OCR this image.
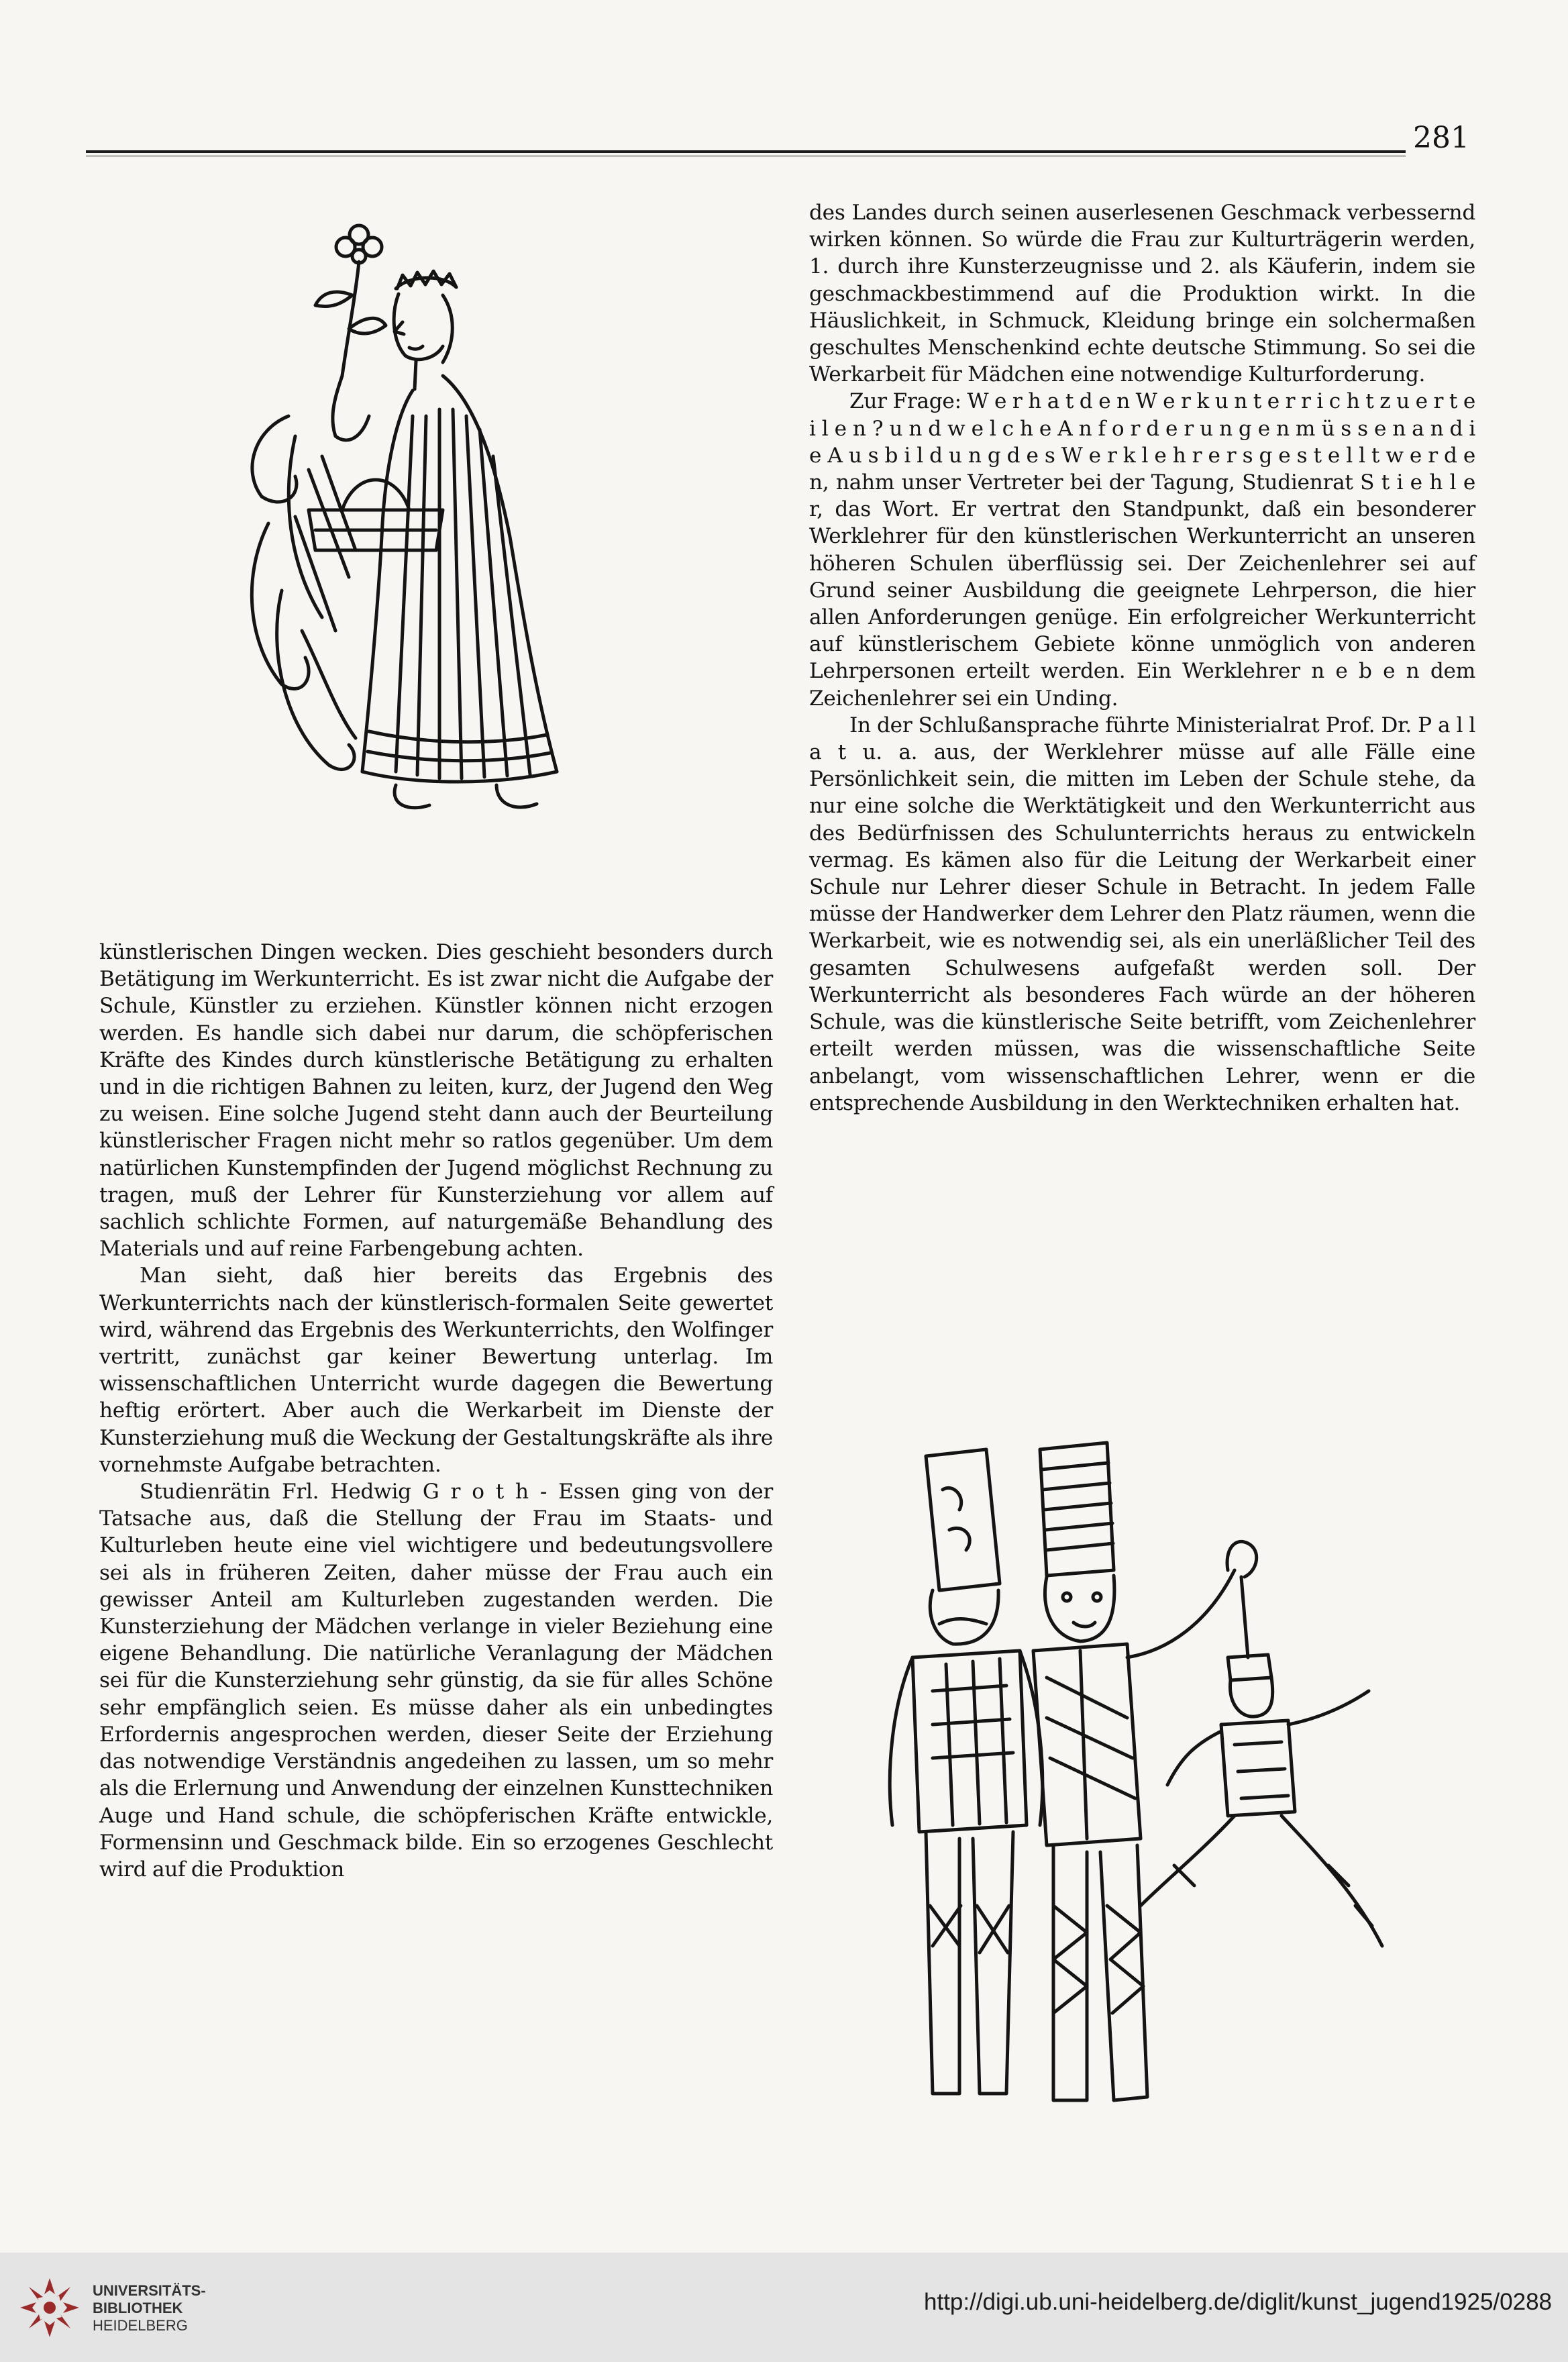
281

künstlerischen Dingen wecken. Dies geschieht besonders durch Betätigung im Werkunterricht. Es ist zwar nicht die Aufgabe der Schule, Künstler zu erziehen. Künstler können nicht erzogen werden. Es handle sich dabei nur darum, die schöpferischen Kräfte des Kindes durch künstlerische Betätigung zu erhalten und in die richtigen Bahnen zu leiten, kurz, der Jugend den Weg zu weisen. Eine solche Jugend steht dann auch der Beurteilung künstlerischer Fragen nicht mehr so ratlos gegenüber. Um dem natürlichen Kunstempfinden der Jugend möglichst Rechnung zu tragen, muß der Lehrer für Kunsterziehung vor allem auf sachlich schlichte Formen, auf naturgemäße Behandlung des Materials und auf reine Farbengebung achten.

Man sieht, daß hier bereits das Ergebnis des Werkunterrichts nach der künstlerisch-formalen Seite gewertet wird, während das Ergebnis des Werkunterrichts, den Wolfinger vertritt, zunächst gar keiner Bewertung unterlag. Im wissenschaftlichen Unterricht wurde dagegen die Bewertung heftig erörtert. Aber auch die Werkarbeit im Dienste der Kunsterziehung muß die Weckung der Gestaltungskräfte als ihre vornehmste Aufgabe betrachten.

Studienrätin Frl. Hedwig G r o t h - Essen ging von der Tatsache aus, daß die Stellung der Frau im Staats- und Kulturleben heute eine viel wichtigere und bedeutungsvollere sei als in früheren Zeiten, daher müsse der Frau auch ein gewisser Anteil am Kulturleben zugestanden werden. Die Kunsterziehung der Mädchen verlange in vieler Beziehung eine eigene Behandlung. Die natürliche Veranlagung der Mädchen sei für die Kunsterziehung sehr günstig, da sie für alles Schöne sehr empfänglich seien. Es müsse daher als ein unbedingtes Erfordernis angesprochen werden, dieser Seite der Erziehung das notwendige Verständnis angedeihen zu lassen, um so mehr als die Erlernung und Anwendung der einzelnen Kunsttechniken Auge und Hand schule, die schöpferischen Kräfte entwickle, Formensinn und Geschmack bilde. Ein so erzogenes Geschlecht wird auf die Produktion

des Landes durch seinen auserlesenen Geschmack verbessernd wirken können. So würde die Frau zur Kulturträgerin werden, 1. durch ihre Kunsterzeugnisse und 2. als Käuferin, indem sie geschmackbestimmend auf die Produktion wirkt. In die Häuslichkeit, in Schmuck, Kleidung bringe ein solchermaßen geschultes Menschenkind echte deutsche Stimmung. So sei die Werkarbeit für Mädchen eine notwendige Kulturforderung.

Zur Frage: W e r h a t d e n W e r k u n t e r r i c h t z u e r t e i l e n ? u n d w e l c h e A n f o r d e r u n g e n m ü s s e n a n d i e A u s b i l d u n g d e s W e r k l e h r e r s g e s t e l l t w e r d e n, nahm unser Vertreter bei der Tagung, Studienrat S t i e h l e r, das Wort. Er vertrat den Standpunkt, daß ein besonderer Werklehrer für den künstlerischen Werkunterricht an unseren höheren Schulen überflüssig sei. Der Zeichenlehrer sei auf Grund seiner Ausbildung die geeignete Lehrperson, die hier allen Anforderungen genüge. Ein erfolgreicher Werkunterricht auf künstlerischem Gebiete könne unmöglich von anderen Lehrpersonen erteilt werden. Ein Werklehrer n e b e n dem Zeichenlehrer sei ein Unding.

In der Schlußansprache führte Ministerialrat Prof. Dr. P a l l a t u. a. aus, der Werklehrer müsse auf alle Fälle eine Persönlichkeit sein, die mitten im Leben der Schule stehe, da nur eine solche die Werktätigkeit und den Werkunterricht aus des Bedürfnissen des Schulunterrichts heraus zu entwickeln vermag. Es kämen also für die Leitung der Werkarbeit einer Schule nur Lehrer dieser Schule in Betracht. In jedem Falle müsse der Handwerker dem Lehrer den Platz räumen, wenn die Werkarbeit, wie es notwendig sei, als ein unerläßlicher Teil des gesamten Schulwesens aufgefaßt werden soll. Der Werkunterricht als besonderes Fach würde an der höheren Schule, was die künstlerische Seite betrifft, vom Zeichenlehrer erteilt werden müssen, was die wissenschaftliche Seite anbelangt, vom wissenschaftlichen Lehrer, wenn er die entsprechende Ausbildung in den Werktechniken erhalten hat.

UNIVERSITÄTS-
BIBLIOTHEK
HEIDELBERG
http://digi.ub.uni-heidelberg.de/diglit/kunst_jugend1925/0288
